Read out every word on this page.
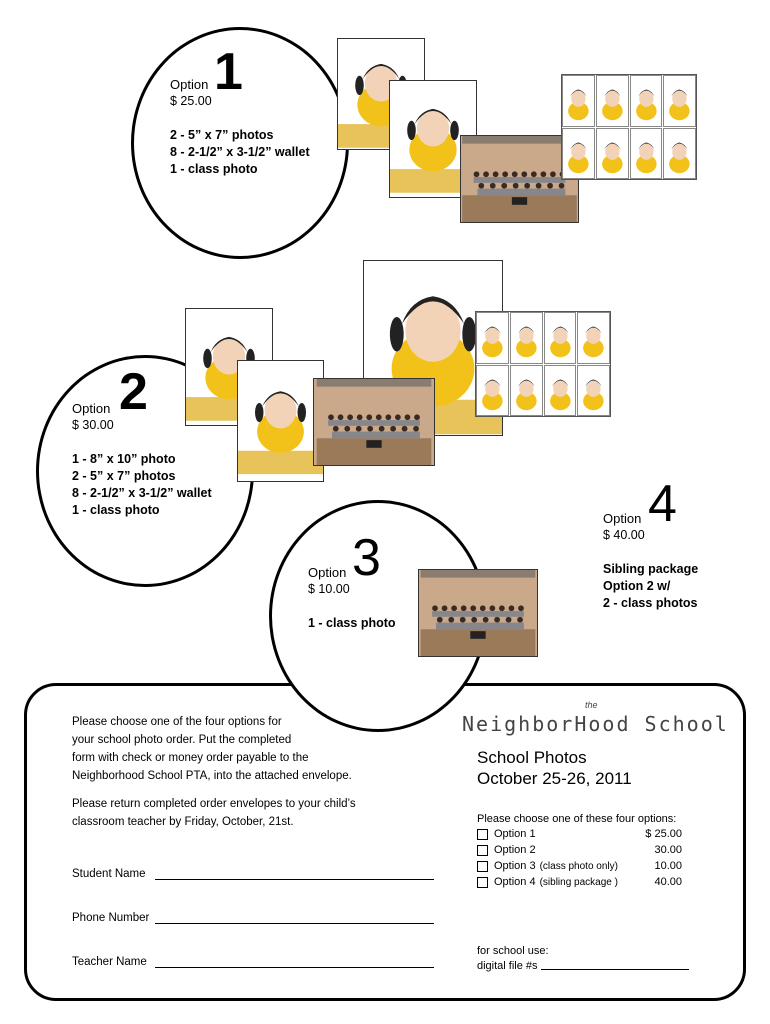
Option
$ 25.00
2 - 5” x 7” photos
8 - 2-1/2” x 3-1/2” wallet
1 - class photo
1
Option
$ 30.00
1 - 8” x 10” photo
2 - 5” x 7” photos
8 - 2-1/2” x 3-1/2” wallet
1 - class photo
2
Option
$ 40.00
Sibling package
Option 2 w/
2 - class photos
4
Option
$ 10.00
1 - class photo
3
Please choose one of the four options for
your school photo order. Put the completed
form with check or money order payable to the
Neighborhood School PTA, into the attached envelope.
Please return completed order envelopes to your child’s
classroom teacher by Friday, October, 21st.
Student Name
Phone Number
Teacher Name
the
NeighborHood School
School Photos
October 25-26, 2011
Please choose one of these four options:
Option 1	$ 25.00
Option 2	30.00
Option 3 (class photo only)	10.00
Option 4 (sibling package )	40.00
for school use:
digital file #s
